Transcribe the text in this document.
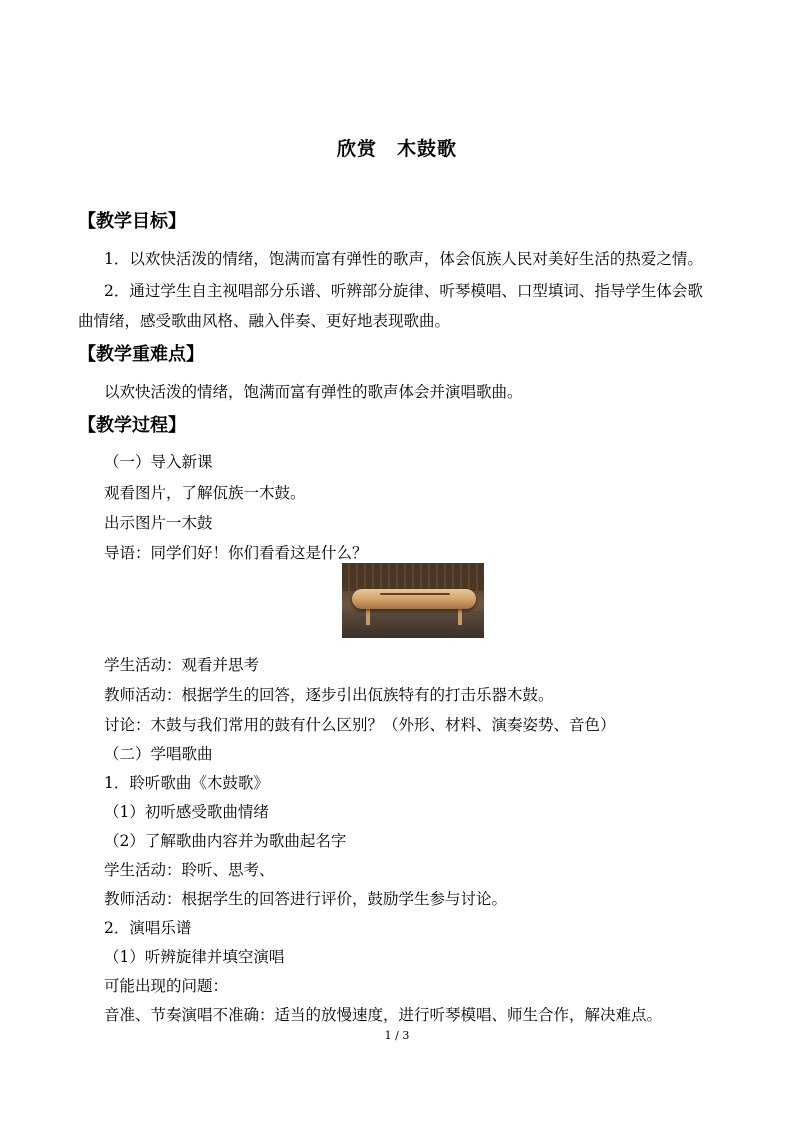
欣赏　木鼓歌
【教学目标】
1．以欢快活泼的情绪，饱满而富有弹性的歌声，体会佤族人民对美好生活的热爱之情。
2．通过学生自主视唱部分乐谱、听辨部分旋律、听琴模唱、口型填词、指导学生体会歌
曲情绪，感受歌曲风格、融入伴奏、更好地表现歌曲。
【教学重难点】
以欢快活泼的情绪，饱满而富有弹性的歌声体会并演唱歌曲。
【教学过程】
（一）导入新课
观看图片，了解佤族一木鼓。
出示图片一木鼓
导语：同学们好！你们看看这是什么？
学生活动：观看并思考
教师活动：根据学生的回答，逐步引出佤族特有的打击乐器木鼓。
讨论：木鼓与我们常用的鼓有什么区别？（外形、材料、演奏姿势、音色）
（二）学唱歌曲
1．聆听歌曲《木鼓歌》
（1）初听感受歌曲情绪
（2）了解歌曲内容并为歌曲起名字
学生活动：聆听、思考、
教师活动：根据学生的回答进行评价，鼓励学生参与讨论。
2．演唱乐谱
（1）听辨旋律并填空演唱
可能出现的问题：
音准、节奏演唱不准确：适当的放慢速度，进行听琴模唱、师生合作，解决难点。
1 / 3
